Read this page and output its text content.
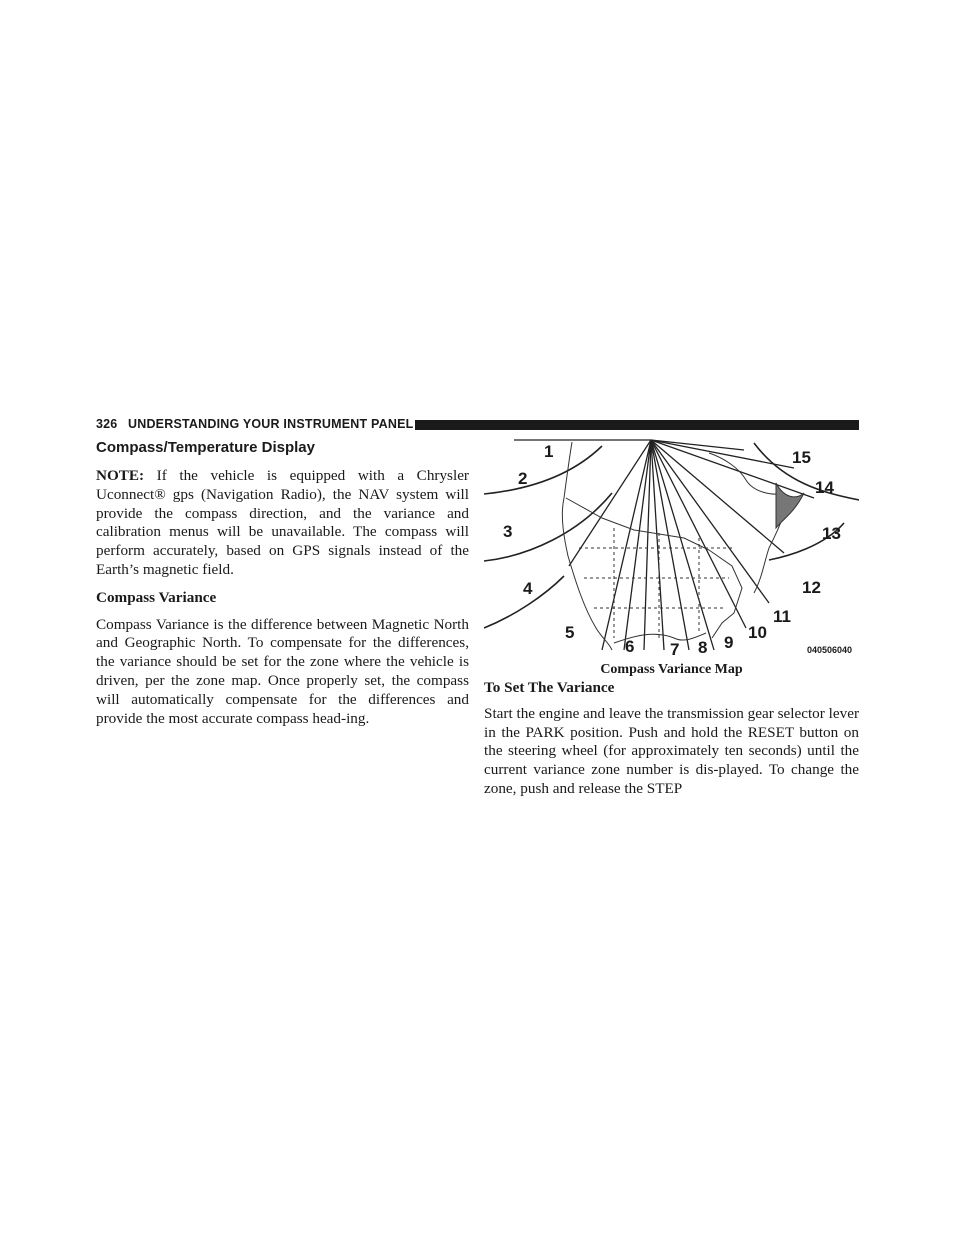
326 UNDERSTANDING YOUR INSTRUMENT PANEL
Compass/Temperature Display

NOTE: If the vehicle is equipped with a Chrysler Uconnect® gps (Navigation Radio), the NAV system will provide the compass direction, and the variance and calibration menus will be unavailable. The compass will perform accurately, based on GPS signals instead of the Earth’s magnetic field.

Compass Variance

Compass Variance is the difference between Magnetic North and Geographic North. To compensate for the differences, the variance should be set for the zone where the vehicle is driven, per the zone map. Once properly set, the compass will automatically compensate for the differences and provide the most accurate compass head-ing.

1
2
3
4
5
6 7 8 9
10
11
12
13
14
15
040506040
Compass Variance Map
To Set The Variance

Start the engine and leave the transmission gear selector lever in the PARK position. Push and hold the RESET button on the steering wheel (for approximately ten seconds) until the current variance zone number is dis-played. To change the zone, push and release the STEP
